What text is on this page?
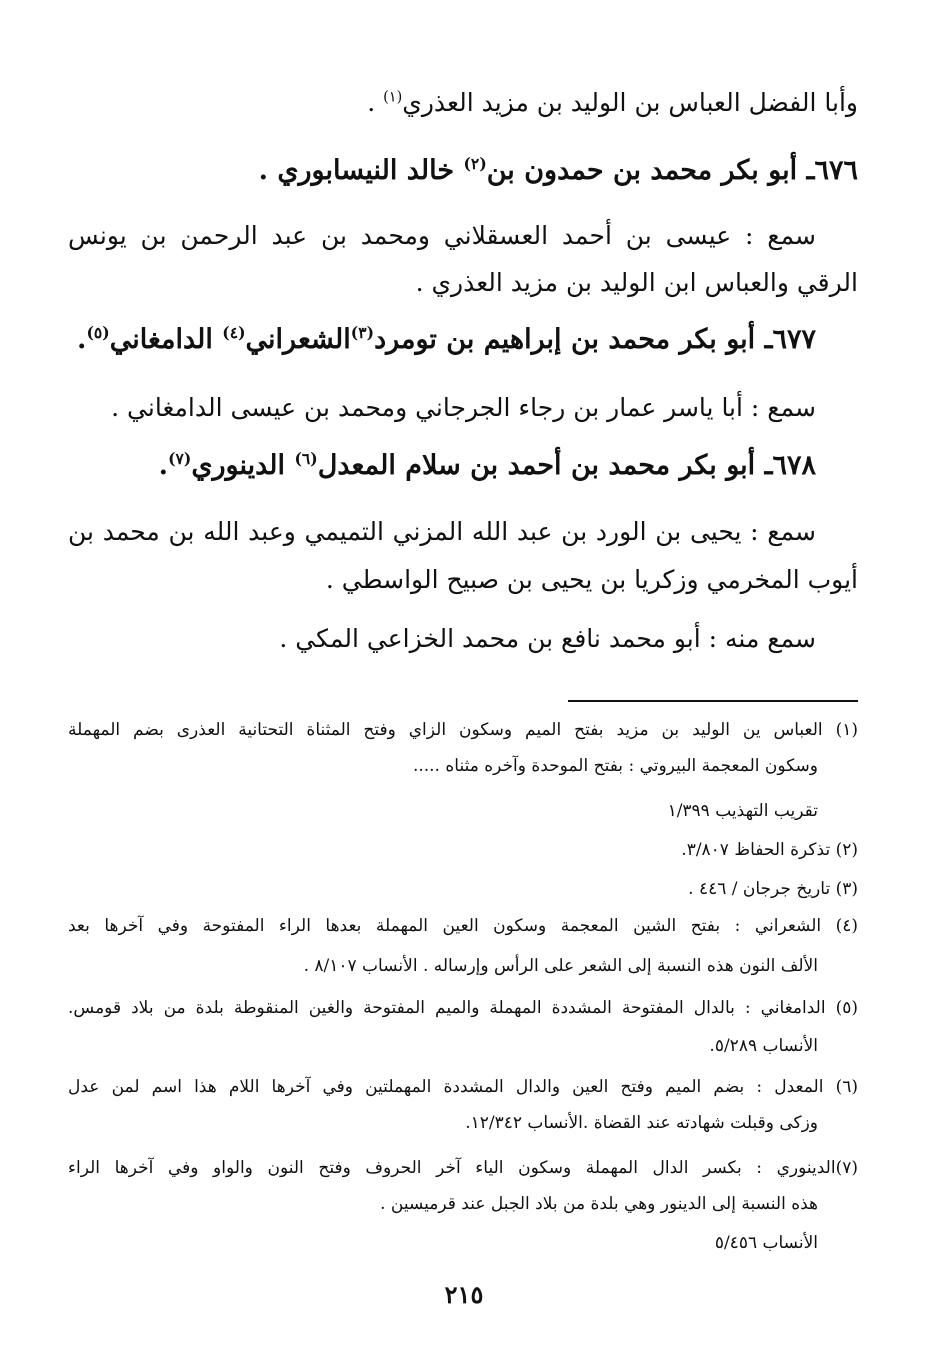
وأبا الفضل العباس بن الوليد بن مزيد العذري$^{(١)}$ .
٦٧٦ـ أبو بكر محمد بن حمدون بن$^{(٢)}$ خالد النيسابوري .
سمع : عيسى بن أحمد العسقلاني ومحمد بن عبد الرحمن بن يونس
الرقي والعباس ابن الوليد بن مزيد العذري .
٦٧٧ـ أبو بكر محمد بن إبراهيم بن تومرد$^{(٣)}$الشعراني$^{(٤)}$ الدامغاني$^{(٥)}$.
سمع : أبا ياسر عمار بن رجاء الجرجاني ومحمد بن عيسى الدامغاني .
٦٧٨ـ أبو بكر محمد بن أحمد بن سلام المعدل$^{(٦)}$ الدينوري$^{(٧)}$.
سمع : يحيى بن الورد بن عبد الله المزني التميمي وعبد الله بن محمد بن
أيوب المخرمي وزكريا بن يحيى بن صبيح الواسطي .
سمع منه : أبو محمد نافع بن محمد الخزاعي المكي .
(١) العباس ين الوليد بن مزيد بفتح الميم وسكون الزاي وفتح المثناة التحتانية العذرى بضم المهملة
وسكون المعجمة البيروتي : بفتح الموحدة وآخره مثناه .....
تقريب التهذيب ١/٣٩٩
(٢) تذكرة الحفاظ ٣/٨٠٧.
(٣) تاريخ جرجان / ٤٤٦ .
(٤) الشعراني : بفتح الشين المعجمة وسكون العين المهملة بعدها الراء المفتوحة وفي آخرها بعد
الألف النون هذه النسبة إلى الشعر على الرأس وإرساله . الأنساب ٨/١٠٧ .
(٥) الدامغاني : بالدال المفتوحة المشددة المهملة والميم المفتوحة والغين المنقوطة بلدة من بلاد قومس.
الأنساب ٥/٢٨٩.
(٦) المعدل : بضم الميم وفتح العين والدال المشددة المهملتين وفي آخرها اللام هذا اسم لمن عدل
وزكى وقبلت شهادته عند القضاة .الأنساب ١٢/٣٤٢.
(٧)الدينوري : بكسر الدال المهملة وسكون الياء آخر الحروف وفتح النون والواو وفي آخرها الراء
هذه النسبة إلى الدينور وهي بلدة من بلاد الجبل عند قرميسين .
الأنساب ٥/٤٥٦
٢١٥
